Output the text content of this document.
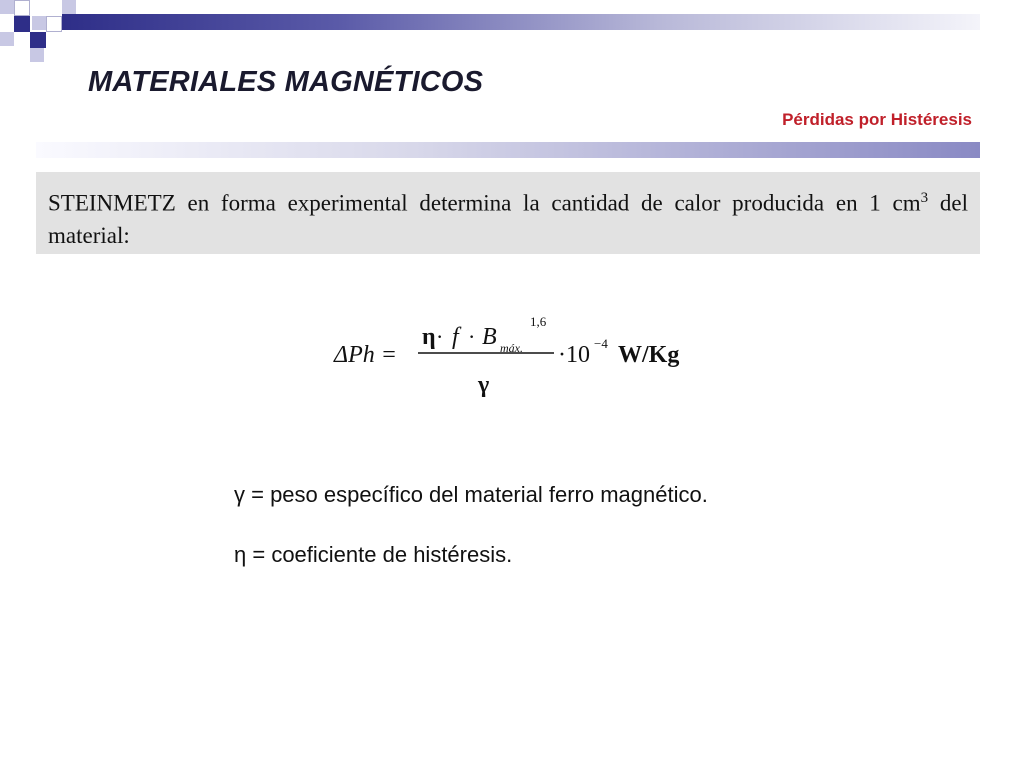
MATERIALES MAGNÉTICOS
Pérdidas por Histéresis
STEINMETZ en forma experimental determina la cantidad de calor producida en 1 $cm^3$ del material:
ΔPh =
η · f · B máx.
1,6
γ
·10 −4 W/Kg
γ = peso específico del material ferro magnético.
η = coeficiente de histéresis.
